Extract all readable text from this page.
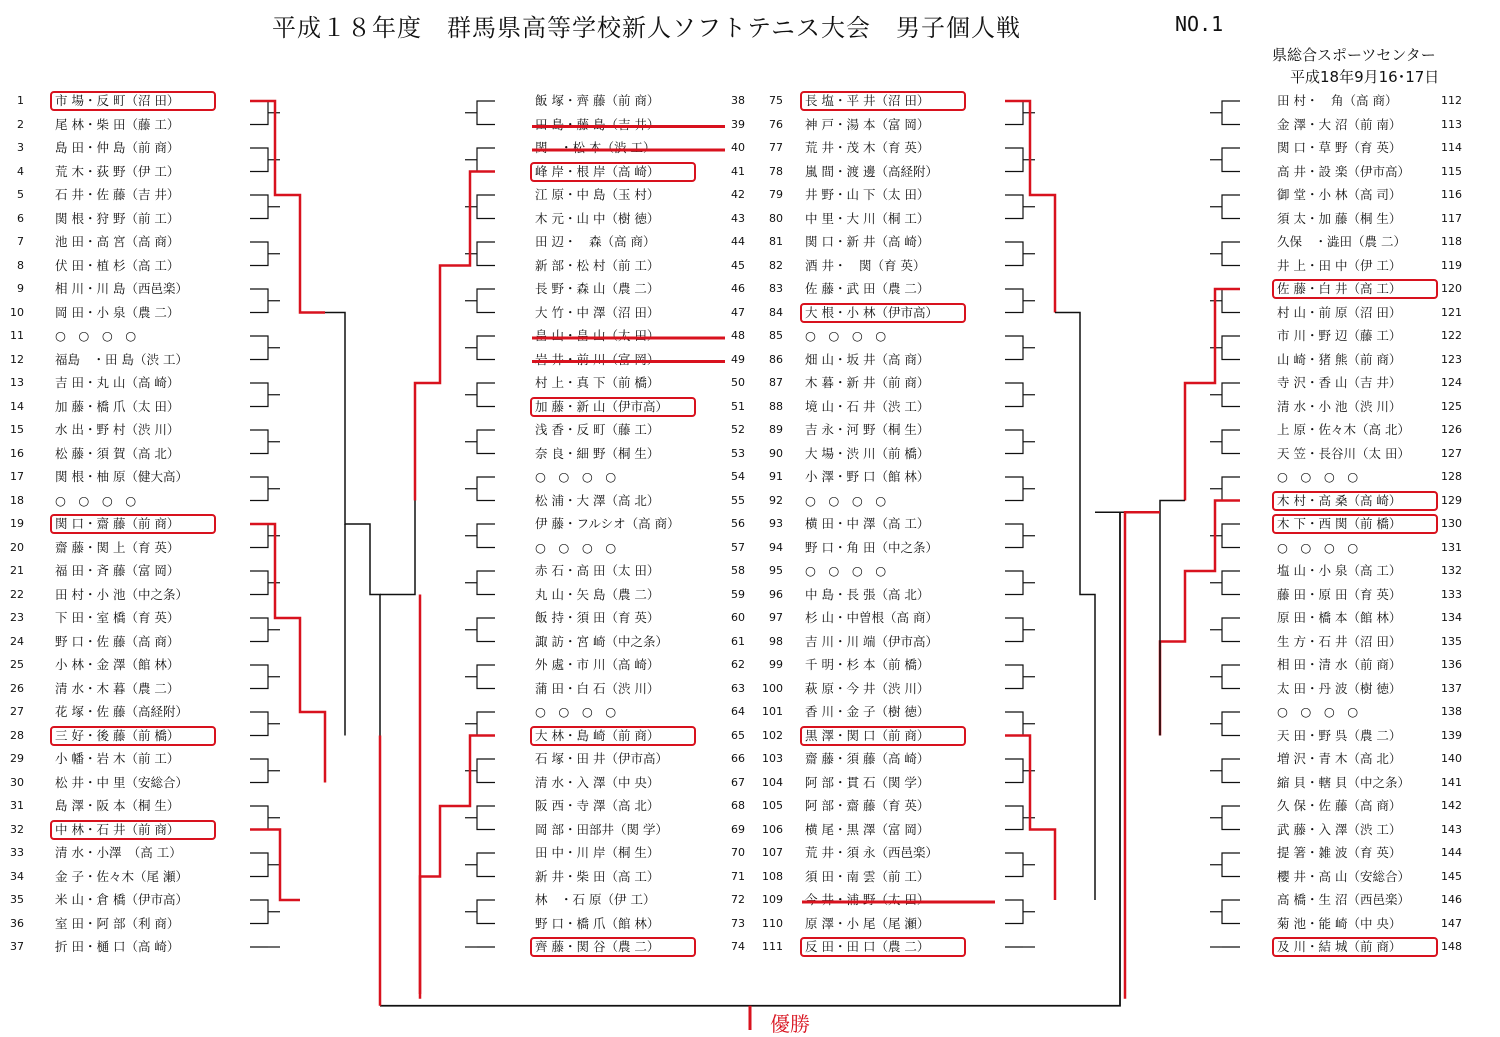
平成１８年度　群馬県高等学校新人ソフトテニス大会　男子個人戦	NO.1
県総合スポーツセンター
平成18年9月16･17日
1 市 場・反 町（沼 田）
2 尾 林・柴 田（藤 工）
3 島 田・仲 島（前 商）
4 荒 木・荻 野（伊 工）
5 石 井・佐 藤（吉 井）
6 関 根・狩 野（前 工）
7 池 田・高 宮（高 商）
8 伏 田・植 杉（高 工）
9 相 川・川 島（西邑楽）
10 岡 田・小 泉（農 二）
11 ○　○　○　○
12 福島　・田 島（渋 工）
13 吉 田・丸 山（高 崎）
14 加 藤・橋 爪（太 田）
15 水 出・野 村（渋 川）
16 松 藤・須 賀（高 北）
17 関 根・柚 原（健大高）
18 ○　○　○　○
19 関 口・齋 藤（前 商）
20 齋 藤・関 上（育 英）
21 福 田・斉 藤（富 岡）
22 田 村・小 池（中之条）
23 下 田・室 橋（育 英）
24 野 口・佐 藤（高 商）
25 小 林・金 澤（館 林）
26 清 水・木 暮（農 二）
27 花 塚・佐 藤（高経附）
28 三 好・後 藤（前 橋）
29 小 幡・岩 木（前 工）
30 松 井・中 里（安総合）
31 島 澤・阪 本（桐 生）
32 中 林・石 井（前 商）
33 清 水・小澤　（高 工）
34 金 子・佐々木（尾 瀬）
35 米 山・倉 橋（伊市高）
36 室 田・阿 部（利 商）
37 折 田・樋 口（高 崎）
38
飯 塚・齊 藤（前 商）
39
田 島・藤 島（吉 井）
40
関　・松 本（渋 工）
41
峰 岸・根 岸（高 崎）
42
江 原・中 島（玉 村）
43
木 元・山 中（樹 徳）
44
田 辺・　森（高 商）
45
新 部・松 村（前 工）
46
長 野・森 山（農 二）
47
大 竹・中 澤（沼 田）
48
畠 山・畠 山（太 田）
49
岩 井・前 川（富 岡）
50
村 上・真 下（前 橋）
51
加 藤・新 山（伊市高）
52
浅 香・反 町（藤 工）
53
奈 良・細 野（桐 生）
54
○　○　○　○
55
松 浦・大 澤（高 北）
56
伊 藤・フルシオ（高 商）
57
○　○　○　○
58
赤 石・高 田（太 田）
59
丸 山・矢 島（農 二）
60
飯 持・須 田（育 英）
61
諏 訪・宮 崎（中之条）
62
外 處・市 川（高 崎）
63
蒲 田・白 石（渋 川）
64
○　○　○　○
65
大 林・島 崎（前 商）
66
石 塚・田 井（伊市高）
67
清 水・入 澤（中 央）
68
阪 西・寺 澤（高 北）
69
岡 部・田部井（関 学）
70
田 中・川 岸（桐 生）
71
新 井・柴 田（高 工）
72
林　・石 原（伊 工）
73
野 口・橋 爪（館 林）
74
齊 藤・関 谷（農 二）
75 長 塩・平 井（沼 田）
76 神 戸・湯 本（富 岡）
77 荒 井・茂 木（育 英）
78 嵐 間・渡 邊（高経附）
79 井 野・山 下（太 田）
80 中 里・大 川（桐 工）
81 関 口・新 井（高 崎）
82 酒 井・　関（育 英）
83 佐 藤・武 田（農 二）
84 大 根・小 林（伊市高）
85 ○　○　○　○
86 畑 山・坂 井（高 商）
87 木 暮・新 井（前 商）
88 境 山・石 井（渋 工）
89 吉 永・河 野（桐 生）
90 大 場・渋 川（前 橋）
91 小 澤・野 口（館 林）
92 ○　○　○　○
93 横 田・中 澤（高 工）
94 野 口・角 田（中之条）
95 ○　○　○　○
96 中 島・長 張（高 北）
97 杉 山・中曽根（高 商）
98 吉 川・川 端（伊市高）
99 千 明・杉 本（前 橋）
100 萩 原・今 井（渋 川）
101 香 川・金 子（樹 徳）
102 黒 澤・関 口（前 商）
103 齋 藤・須 藤（高 崎）
104 阿 部・貫 石（関 学）
105 阿 部・齋 藤（育 英）
106 横 尾・黒 澤（富 岡）
107 荒 井・須 永（西邑楽）
108 須 田・南 雲（前 工）
109 今 井・浦 野（太 田）
110 原 澤・小 尾（尾 瀬）
111 反 田・田 口（農 二）
112
田 村・　角（高 商）
113
金 澤・大 沼（前 南）
114
関 口・草 野（育 英）
115
高 井・設 楽（伊市高）
116
御 堂・小 林（高 司）
117
須 太・加 藤（桐 生）
118
久保　・澁田（農 二）
119
井 上・田 中（伊 工）
120
佐 藤・白 井（高 工）
121
村 山・前 原（沼 田）
122
市 川・野 辺（藤 工）
123
山 崎・猪 熊（前 商）
124
寺 沢・香 山（吉 井）
125
清 水・小 池（渋 川）
126
上 原・佐々木（高 北）
127
天 笠・長谷川（太 田）
128
○　○　○　○
129
木 村・高 桑（高 崎）
130
木 下・西 関（前 橋）
131
○　○　○　○
132
塩 山・小 泉（高 工）
133
藤 田・原 田（育 英）
134
原 田・橋 本（館 林）
135
生 方・石 井（沼 田）
136
相 田・清 水（前 商）
137
太 田・丹 波（樹 徳）
138
○　○　○　○
139
天 田・野 呉（農 二）
140
増 沢・青 木（高 北）
141
縮 貝・轄 貝（中之条）
142
久 保・佐 藤（高 商）
143
武 藤・入 澤（渋 工）
144
提 箸・雑 波（育 英）
145
櫻 井・高 山（安総合）
146
高 橋・生 沼（西邑楽）
147
菊 池・能 崎（中 央）
148
及 川・結 城（前 商）
優勝
